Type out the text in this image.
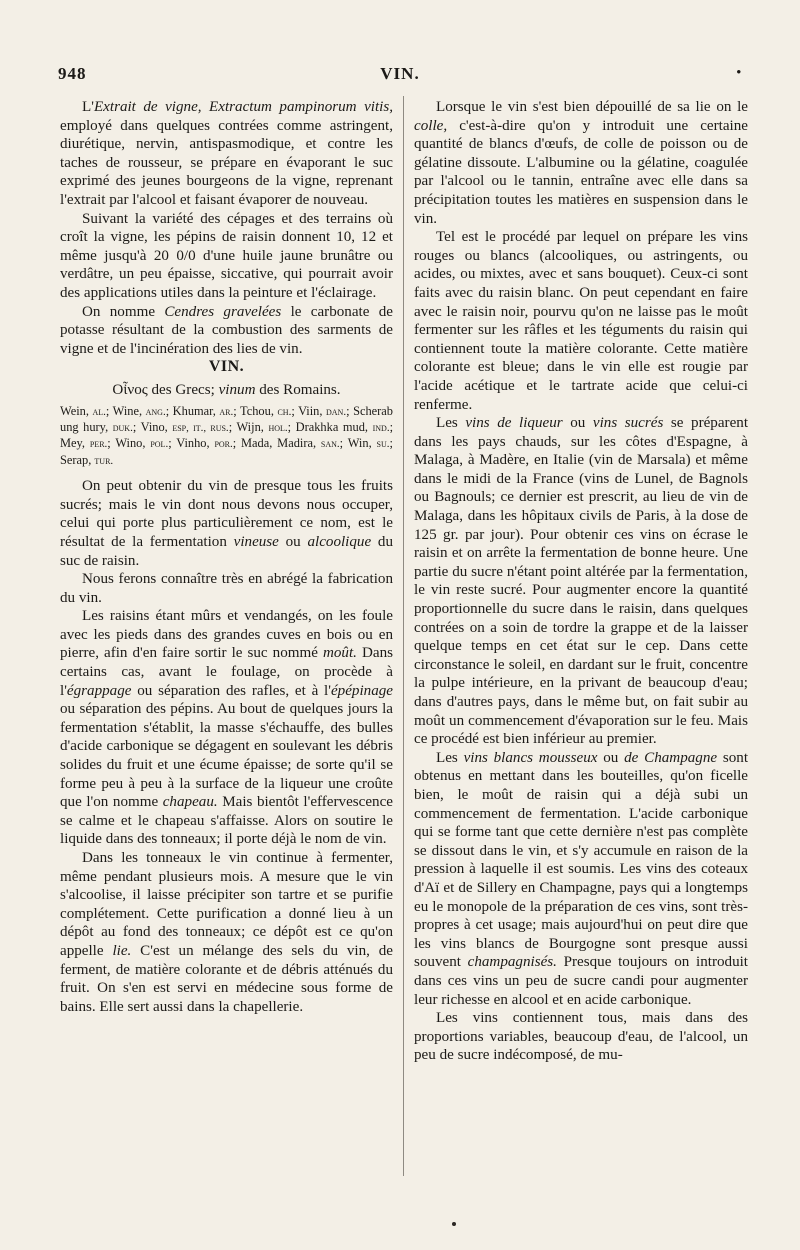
948	VIN.	•

L'Extrait de vigne, Extractum pampinorum vitis, employé dans quelques contrées comme astringent, diurétique, nervin, antispasmodique, et contre les taches de rousseur, se prépare en évaporant le suc exprimé des jeunes bourgeons de la vigne, reprenant l'extrait par l'alcool et faisant évaporer de nouveau.

Suivant la variété des cépages et des terrains où croît la vigne, les pépins de raisin donnent 10, 12 et même jusqu'à 20 0/0 d'une huile jaune brunâtre ou verdâtre, un peu épaisse, siccative, qui pourrait avoir des applications utiles dans la peinture et l'éclairage.

On nomme Cendres gravelées le carbonate de potasse résultant de la combustion des sarments de vigne et de l'incinération des lies de vin.

VIN.

Οἶνος des Grecs; vinum des Romains.

Wein, al.; Wine, ang.; Khumar, ar.; Tchou, ch.; Viin, dan.; Scherab ung hury, duk.; Vino, esp, it., rus.; Wijn, hol.; Drakhka mud, ind.; Mey, per.; Wino, pol.; Vinho, por.; Mada, Madira, san.; Win, su.; Serap, tur.

On peut obtenir du vin de presque tous les fruits sucrés; mais le vin dont nous devons nous occuper, celui qui porte plus particulièrement ce nom, est le résultat de la fermentation vineuse ou alcoolique du suc de raisin.

Nous ferons connaître très en abrégé la fabrication du vin.

Les raisins étant mûrs et vendangés, on les foule avec les pieds dans des grandes cuves en bois ou en pierre, afin d'en faire sortir le suc nommé moût. Dans certains cas, avant le foulage, on procède à l'égrappage ou séparation des rafles, et à l'épépinage ou séparation des pépins. Au bout de quelques jours la fermentation s'établit, la masse s'échauffe, des bulles d'acide carbonique se dégagent en soulevant les débris solides du fruit et une écume épaisse; de sorte qu'il se forme peu à peu à la surface de la liqueur une croûte que l'on nomme chapeau. Mais bientôt l'effervescence se calme et le chapeau s'affaisse. Alors on soutire le liquide dans des tonneaux; il porte déjà le nom de vin.

Dans les tonneaux le vin continue à fermenter, même pendant plusieurs mois. A mesure que le vin s'alcoolise, il laisse précipiter son tartre et se purifie complétement. Cette purification a donné lieu à un dépôt au fond des tonneaux; ce dépôt est ce qu'on appelle lie. C'est un mélange des sels du vin, de ferment, de matière colorante et de débris atténués du fruit. On s'en est servi en médecine sous forme de bains. Elle sert aussi dans la chapellerie.

Lorsque le vin s'est bien dépouillé de sa lie on le colle, c'est-à-dire qu'on y introduit une certaine quantité de blancs d'œufs, de colle de poisson ou de gélatine dissoute. L'albumine ou la gélatine, coagulée par l'alcool ou le tannin, entraîne avec elle dans sa précipitation toutes les matières en suspension dans le vin.

Tel est le procédé par lequel on prépare les vins rouges ou blancs (alcooliques, ou astringents, ou acides, ou mixtes, avec et sans bouquet). Ceux-ci sont faits avec du raisin blanc. On peut cependant en faire avec le raisin noir, pourvu qu'on ne laisse pas le moût fermenter sur les râfles et les téguments du raisin qui contiennent toute la matière colorante. Cette matière colorante est bleue; dans le vin elle est rougie par l'acide acétique et le tartrate acide que celui-ci renferme.

Les vins de liqueur ou vins sucrés se préparent dans les pays chauds, sur les côtes d'Espagne, à Malaga, à Madère, en Italie (vin de Marsala) et même dans le midi de la France (vins de Lunel, de Bagnols ou Bagnouls; ce dernier est prescrit, au lieu de vin de Malaga, dans les hôpitaux civils de Paris, à la dose de 125 gr. par jour). Pour obtenir ces vins on écrase le raisin et on arrête la fermentation de bonne heure. Une partie du sucre n'étant point altérée par la fermentation, le vin reste sucré. Pour augmenter encore la quantité proportionnelle du sucre dans le raisin, dans quelques contrées on a soin de tordre la grappe et de la laisser quelque temps en cet état sur le cep. Dans cette circonstance le soleil, en dardant sur le fruit, concentre la pulpe intérieure, en la privant de beaucoup d'eau; dans d'autres pays, dans le même but, on fait subir au moût un commencement d'évaporation sur le feu. Mais ce procédé est bien inférieur au premier.

Les vins blancs mousseux ou de Champagne sont obtenus en mettant dans les bouteilles, qu'on ficelle bien, le moût de raisin qui a déjà subi un commencement de fermentation. L'acide carbonique qui se forme tant que cette dernière n'est pas complète se dissout dans le vin, et s'y accumule en raison de la pression à laquelle il est soumis. Les vins des coteaux d'Aï et de Sillery en Champagne, pays qui a longtemps eu le monopole de la préparation de ces vins, sont très-propres à cet usage; mais aujourd'hui on peut dire que les vins blancs de Bourgogne sont presque aussi souvent champagnisés. Presque toujours on introduit dans ces vins un peu de sucre candi pour augmenter leur richesse en alcool et en acide carbonique.

Les vins contiennent tous, mais dans des proportions variables, beaucoup d'eau, de l'alcool, un peu de sucre indécomposé, de mu-
